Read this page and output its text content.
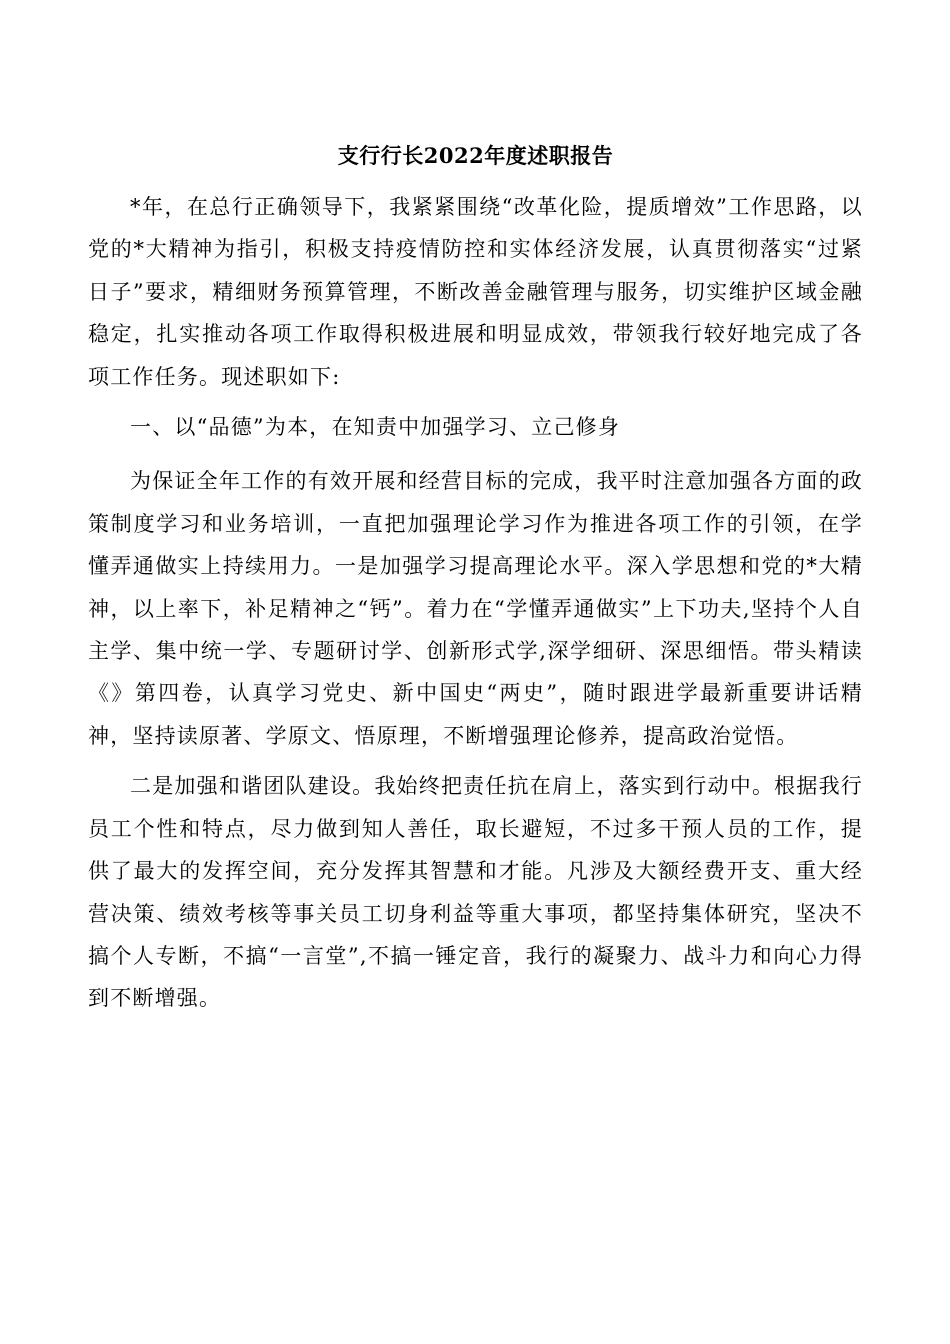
支行行长2022年度述职报告

*年，在总行正确领导下，我紧紧围绕“改革化险，提质增效”工作思路，以党的*大精神为指引，积极支持疫情防控和实体经济发展，认真贯彻落实“过紧日子”要求，精细财务预算管理，不断改善金融管理与服务，切实维护区域金融稳定，扎实推动各项工作取得积极进展和明显成效，带领我行较好地完成了各项工作任务。现述职如下:

一、以“品德”为本，在知责中加强学习、立己修身

为保证全年工作的有效开展和经营目标的完成，我平时注意加强各方面的政策制度学习和业务培训，一直把加强理论学习作为推进各项工作的引领，在学懂弄通做实上持续用力。一是加强学习提高理论水平。深入学思想和党的*大精神，以上率下，补足精神之“钙”。着力在“学懂弄通做实”上下功夫,坚持个人自主学、集中统一学、专题研讨学、创新形式学,深学细研、深思细悟。带头精读《》第四卷，认真学习党史、新中国史“两史”，随时跟进学最新重要讲话精神，坚持读原著、学原文、悟原理，不断增强理论修养，提高政治觉悟。

二是加强和谐团队建设。我始终把责任抗在肩上，落实到行动中。根据我行员工个性和特点，尽力做到知人善任，取长避短，不过多干预人员的工作，提供了最大的发挥空间，充分发挥其智慧和才能。凡涉及大额经费开支、重大经营决策、绩效考核等事关员工切身利益等重大事项，都坚持集体研究，坚决不搞个人专断，不搞“一言堂”,不搞一锤定音，我行的凝聚力、战斗力和向心力得到不断增强。
